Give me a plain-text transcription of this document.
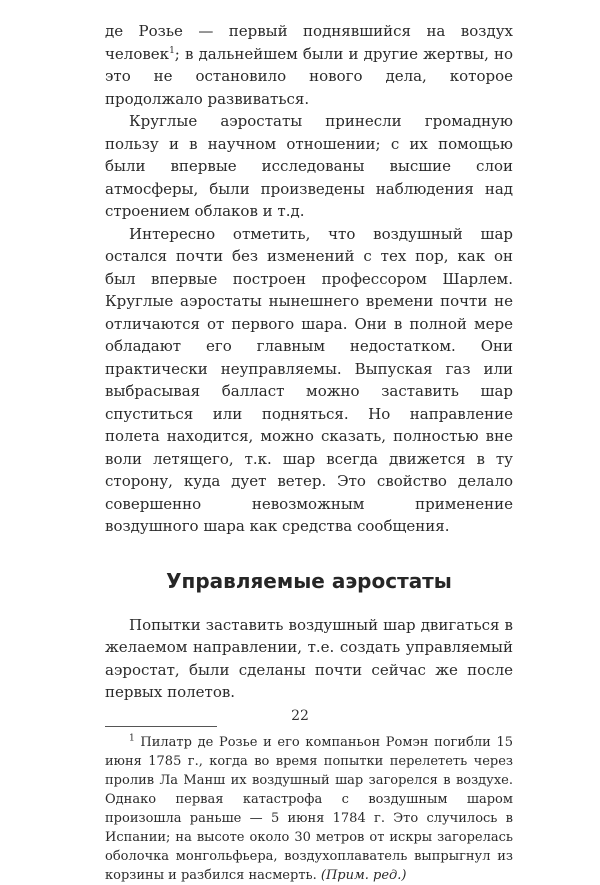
де Розье — первый поднявшийся на воздух человек$^1$; в дальнейшем были и другие жертвы, но это не остановило нового дела, которое продолжало развиваться.

Круглые аэростаты принесли громадную пользу и в научном отношении; с их помощью были впервые исследованы высшие слои атмосферы, были произведены наблюдения над строением облаков и т.д.

Интересно отметить, что воздушный шар остался почти без изменений с тех пор, как он был впервые построен профессором Шарлем. Круглые аэростаты нынешнего времени почти не отличаются от первого шара. Они в полной мере обладают его главным недостатком. Они практически неуправляемы. Выпуская газ или выбрасывая балласт можно заставить шар спуститься или подняться. Но направление полета находится, можно сказать, полностью вне воли летящего, т.к. шар всегда движется в ту сторону, куда дует ветер. Это свойство делало совершенно невозможным применение воздушного шара как средства сообщения.

Управляемые аэростаты

Попытки заставить воздушный шар двигаться в желаемом направлении, т.е. создать управляемый аэростат, были сделаны почти сейчас же после первых полетов.

$^1$ Пилатр де Розье и его компаньон Ромэн погибли 15 июня 1785 г., когда во время попытки перелететь через пролив Ла Манш их воздушный шар загорелся в воздухе. Однако первая катастрофа с воздушным шаром произошла раньше — 5 июня 1784 г. Это случилось в Испании; на высоте около 30 метров от искры загорелась оболочка монгольфьера, воздухоплаватель выпрыгнул из корзины и разбился насмерть. (Прим. ред.)

22
